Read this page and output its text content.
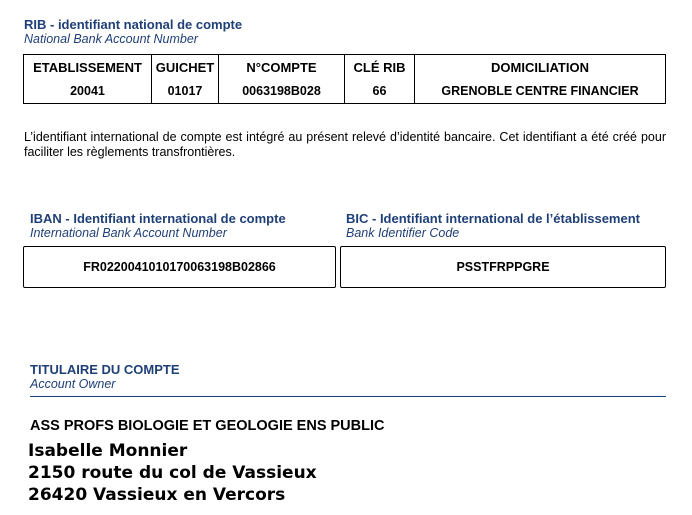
RIB - identifiant national de compte
National Bank Account Number
ETABLISSEMENT	GUICHET	N°COMPTE	CLÉ RIB	DOMICILIATION
20041	01017	0063198B028	66	GRENOBLE CENTRE FINANCIER
L’identifiant international de compte est intégré au présent relevé d’identité bancaire. Cet identifiant a été créé pour faciliter les règlements transfrontières.
IBAN - Identifiant international de compte
International Bank Account Number
BIC - Identifiant international de l’établissement
Bank Identifier Code
FR0220041010170063198B02866	PSSTFRPPGRE
TITULAIRE DU COMPTE
Account Owner
ASS PROFS BIOLOGIE ET GEOLOGIE ENS PUBLIC
Isabelle Monnier
2150 route du col de Vassieux
26420 Vassieux en Vercors
